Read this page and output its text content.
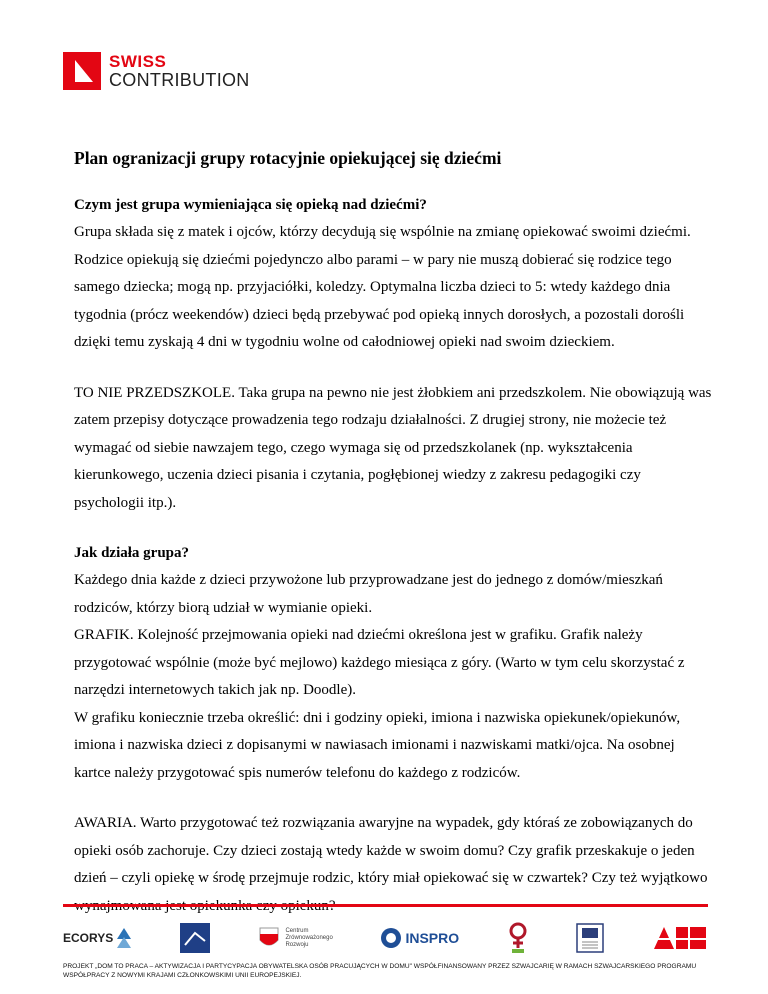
SWISS
CONTRIBUTION
Plan ogranizacji grupy rotacyjnie opiekującej się dziećmi

Czym jest grupa wymieniająca się opieką nad dziećmi?

Grupa składa się z matek i ojców, którzy decydują się wspólnie na zmianę opiekować swoimi dziećmi. Rodzice opiekują się dziećmi pojedynczo albo parami – w pary nie muszą dobierać się rodzice tego samego dziecka; mogą np. przyjaciółki, koledzy. Optymalna liczba dzieci to 5: wtedy każdego dnia tygodnia (prócz weekendów) dzieci będą przebywać pod opieką innych dorosłych, a pozostali dorośli dzięki temu zyskają 4 dni w tygodniu wolne od całodniowej opieki nad swoim dzieckiem.

TO NIE PRZEDSZKOLE. Taka grupa na pewno nie jest żłobkiem ani przedszkolem. Nie obowiązują was zatem przepisy dotyczące prowadzenia tego rodzaju działalności. Z drugiej strony, nie możecie też wymagać od siebie nawzajem tego, czego wymaga się od przedszkolanek (np. wykształcenia kierunkowego, uczenia dzieci pisania i czytania, pogłębionej wiedzy z zakresu pedagogiki czy psychologii itp.).

Jak działa grupa?

Każdego dnia każde z dzieci przywożone lub przyprowadzane jest do jednego z domów/mieszkań rodziców, którzy biorą udział w wymianie opieki.

GRAFIK. Kolejność przejmowania opieki nad dziećmi określona jest w grafiku. Grafik należy przygotować wspólnie (może być mejlowo) każdego miesiąca z góry. (Warto w tym celu skorzystać z narzędzi internetowych takich jak np. Doodle).

W grafiku koniecznie trzeba określić: dni i godziny opieki, imiona i nazwiska opiekunek/opiekunów, imiona i nazwiska dzieci z dopisanymi w nawiasach imionami i nazwiskami matki/ojca. Na osobnej kartce należy przygotować spis numerów telefonu do każdego z rodziców.

AWARIA. Warto przygotować też rozwiązania awaryjne na wypadek, gdy któraś ze zobowiązanych do opieki osób zachoruje. Czy dzieci zostają wtedy każde w swoim domu? Czy grafik przeskakuje o jeden dzień – czyli opiekę w środę przejmuje rodzic, który miał opiekować się w czwartek? Czy też wyjątkowo

ECORYS
Centrum
Zrównoważonego
Rozwoju	INSPRO
PROJEKT „DOM TO PRACA – AKTYWIZACJA I PARTYCYPACJA OBYWATELSKA OSÓB PRACUJĄCYCH W DOMU" WSPÓŁFINANSOWANY PRZEZ SZWAJCARIĘ W RAMACH SZWAJCARSKIEGO PROGRAMU WSPÓŁPRACY Z NOWYMI KRAJAMI CZŁONKOWSKIMI UNII EUROPEJSKIEJ.
